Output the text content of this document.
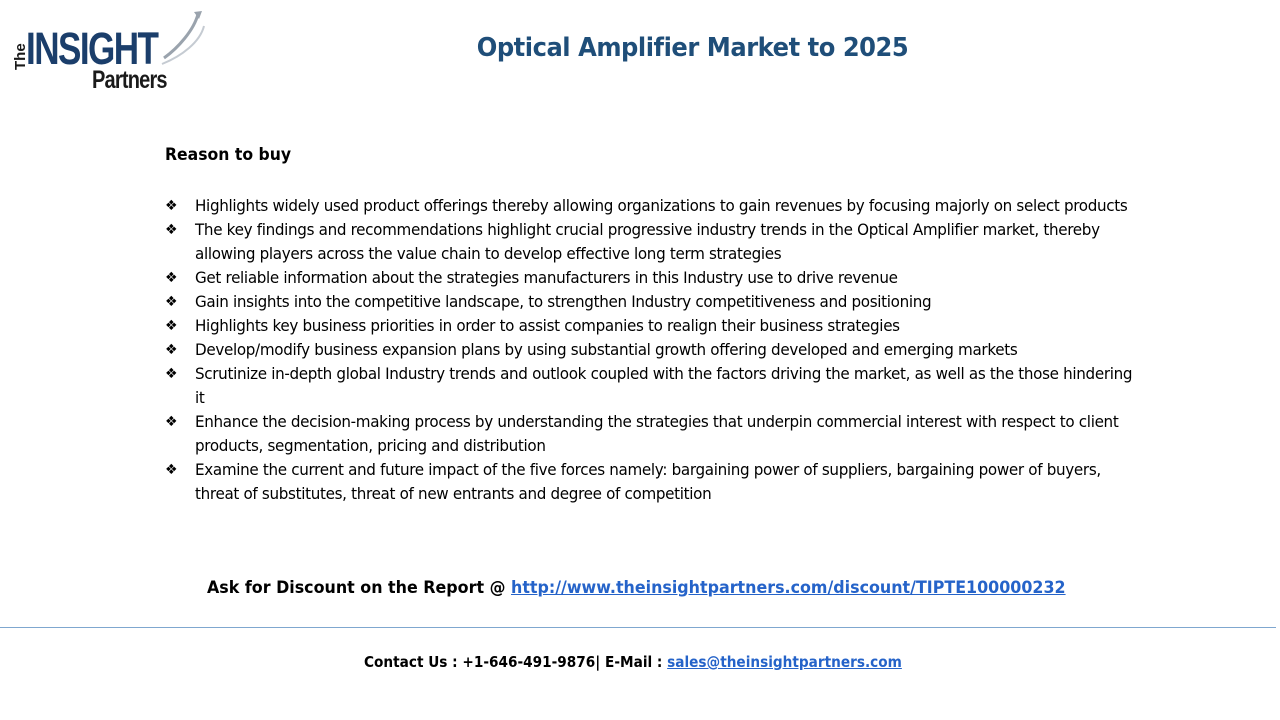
The
INSIGHT
Partners
Optical Amplifier Market to 2025
Reason to buy
❖ Highlights widely used product offerings thereby allowing organizations to gain revenues by focusing majorly on select products
❖ The key findings and recommendations highlight crucial progressive industry trends in the Optical Amplifier market, thereby allowing players across the value chain to develop effective long term strategies
❖ Get reliable information about the strategies manufacturers in this Industry use to drive revenue
❖ Gain insights into the competitive landscape, to strengthen Industry competitiveness and positioning
❖ Highlights key business priorities in order to assist companies to realign their business strategies
❖ Develop/modify business expansion plans by using substantial growth offering developed and emerging markets
❖ Scrutinize in-depth global Industry trends and outlook coupled with the factors driving the market, as well as the those hindering it
❖ Enhance the decision-making process by understanding the strategies that underpin commercial interest with respect to client products, segmentation, pricing and distribution
❖ Examine the current and future impact of the five forces namely: bargaining power of suppliers, bargaining power of buyers, threat of substitutes, threat of new entrants and degree of competition
Ask for Discount on the Report @ http://www.theinsightpartners.com/discount/TIPTE100000232
Contact Us : +1-646-491-9876| E-Mail : sales@theinsightpartners.com
